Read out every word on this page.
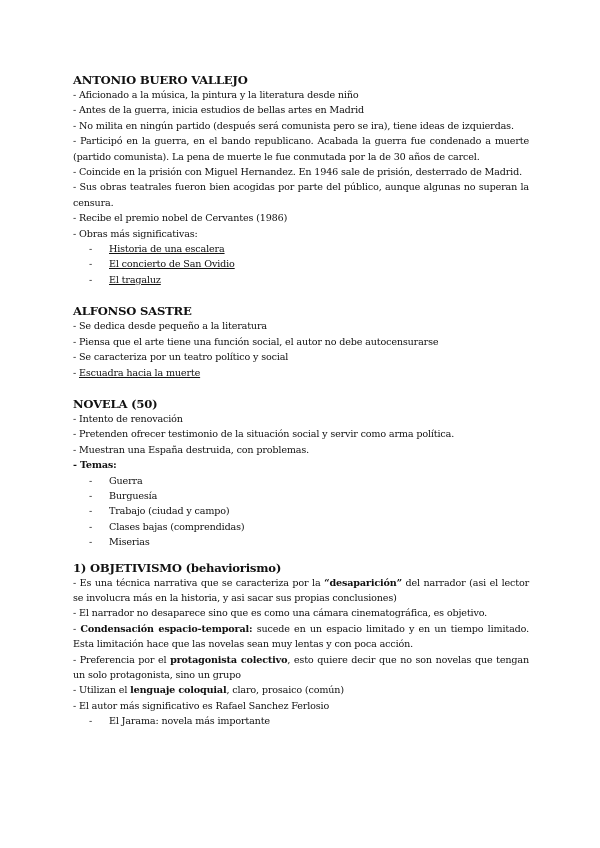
ANTONIO BUERO VALLEJO
- Aficionado a la música, la pintura y la literatura desde niño
- Antes de la guerra, inicia estudios de bellas artes en Madrid
- No milita en ningún partido (después será comunista pero se ira), tiene ideas de izquierdas.
- Participó en la guerra, en el bando republicano. Acabada la guerra fue condenado a muerte (partido comunista). La pena de muerte le fue conmutada por la de 30 años de carcel.
- Coincide en la prisión con Miguel Hernandez. En 1946 sale de prisión, desterrado de Madrid.
- Sus obras teatrales fueron bien acogidas por parte del público, aunque algunas no superan la censura.
- Recibe el premio nobel de Cervantes (1986)
- Obras más significativas:
- Historia de una escalera
- El concierto de San Ovidio
- El tragaluz
ALFONSO SASTRE
- Se dedica desde pequeño a la literatura
- Piensa que el arte tiene una función social, el autor no debe autocensurarse
- Se caracteriza por un teatro político y social
- Escuadra hacia la muerte
NOVELA (50)
- Intento de renovación
- Pretenden ofrecer testimonio de la situación social y servir como arma política.
- Muestran una España destruida, con problemas.
- Temas:
- Guerra
- Burguesía
- Trabajo (ciudad y campo)
- Clases bajas (comprendidas)
- Miserias
1) OBJETIVISMO (behaviorismo)
- Es una técnica narrativa que se caracteriza por la “desaparición” del narrador (asi el lector se involucra más en la historia, y asi sacar sus propias conclusiones)
- El narrador no desaparece sino que es como una cámara cinematográfica, es objetivo.
- Condensación espacio-temporal: sucede en un espacio limitado y en un tiempo limitado. Esta limitación hace que las novelas sean muy lentas y con poca acción.
- Preferencia por el protagonista colectivo, esto quiere decir que no son novelas que tengan un solo protagonista, sino un grupo
- Utilizan el lenguaje coloquial, claro, prosaico (común)
- El autor más significativo es Rafael Sanchez Ferlosio
- El Jarama: novela más importante
